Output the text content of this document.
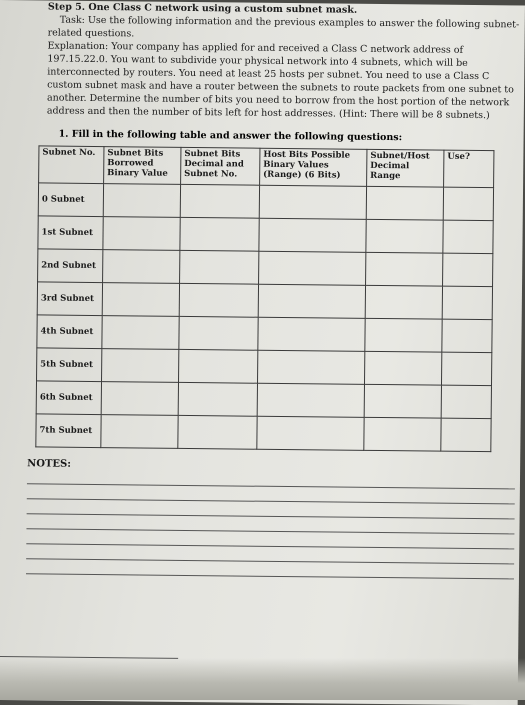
Step 5. One Class C network using a custom subnet mask.
Task: Use the following information and the previous examples to answer the following subnet-
related questions.
Explanation: Your company has applied for and received a Class C network address of
197.15.22.0. You want to subdivide your physical network into 4 subnets, which will be
interconnected by routers. You need at least 25 hosts per subnet. You need to use a Class C
custom subnet mask and have a router between the subnets to route packets from one subnet to
another. Determine the number of bits you need to borrow from the host portion of the network
address and then the number of bits left for host addresses. (Hint: There will be 8 subnets.)
1. Fill in the following table and answer the following questions:
Subnet No.	Subnet Bits Borrowed Binary Value	Subnet Bits Decimal and Subnet No.	Host Bits Possible Binary Values (Range) (6 Bits)	Subnet/Host Decimal Range	Use?
0 Subnet					
1st Subnet					
2nd Subnet					
3rd Subnet					
4th Subnet					
5th Subnet					
6th Subnet					
7th Subnet					
NOTES:
